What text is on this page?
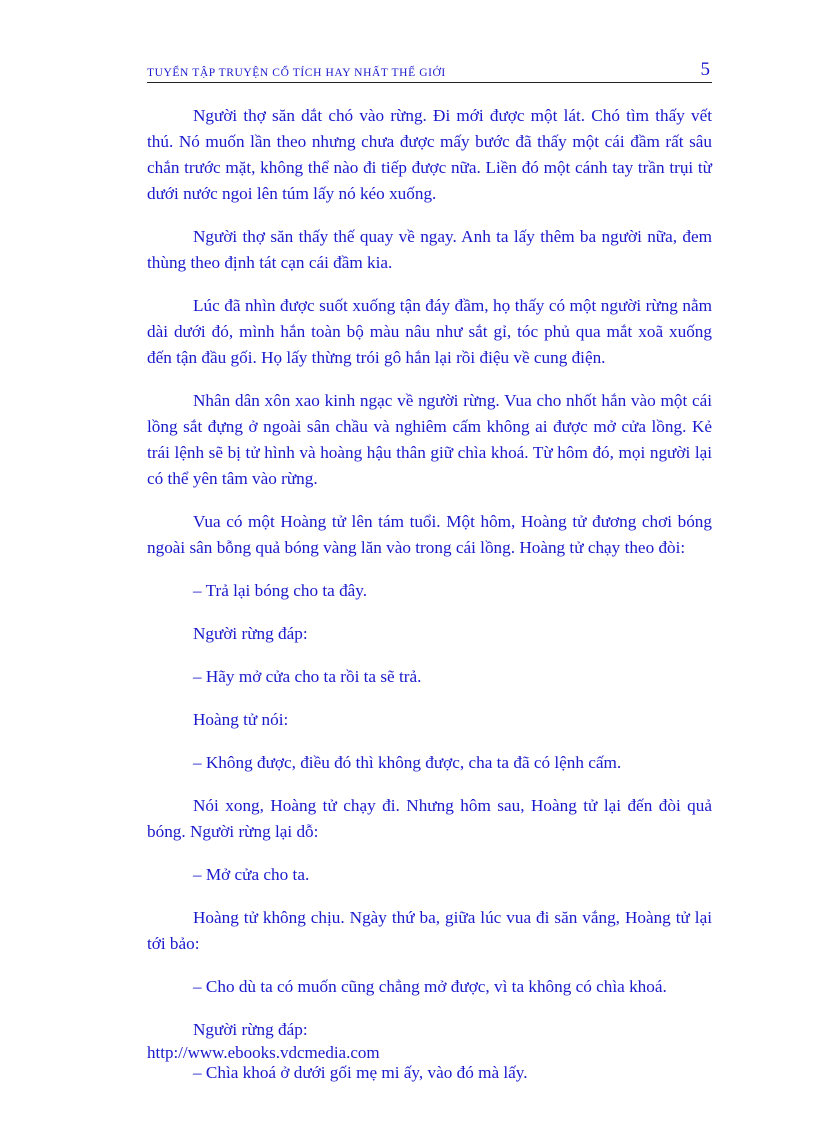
TUYỂN TẬP TRUYỆN CỔ TÍCH HAY NHẤT THẾ GIỚI	5

Người thợ săn dắt chó vào rừng. Đi mới được một lát. Chó tìm thấy vết thú. Nó muốn lần theo nhưng chưa được mấy bước đã thấy một cái đầm rất sâu chắn trước mặt, không thể nào đi tiếp được nữa. Liền đó một cánh tay trần trụi từ dưới nước ngoi lên túm lấy nó kéo xuống.

Người thợ săn thấy thế quay về ngay. Anh ta lấy thêm ba người nữa, đem thùng theo định tát cạn cái đầm kia.

Lúc đã nhìn được suốt xuống tận đáy đầm, họ thấy có một người rừng nằm dài dưới đó, mình hắn toàn bộ màu nâu như sắt gỉ, tóc phủ qua mắt xoã xuống đến tận đầu gối. Họ lấy thừng trói gô hắn lại rồi điệu về cung điện.

Nhân dân xôn xao kinh ngạc về người rừng. Vua cho nhốt hắn vào một cái lồng sắt đựng ở ngoài sân chầu và nghiêm cấm không ai được mở cửa lồng. Kẻ trái lệnh sẽ bị tử hình và hoàng hậu thân giữ chìa khoá. Từ hôm đó, mọi người lại có thể yên tâm vào rừng.

Vua có một Hoàng tử lên tám tuổi. Một hôm, Hoàng tử đương chơi bóng ngoài sân bỗng quả bóng vàng lăn vào trong cái lồng. Hoàng tử chạy theo đòi:

– Trả lại bóng cho ta đây.

Người rừng đáp:

– Hãy mở cửa cho ta rồi ta sẽ trả.

Hoàng tử nói:

– Không được, điều đó thì không được, cha ta đã có lệnh cấm.

Nói xong, Hoàng tử chạy đi. Nhưng hôm sau, Hoàng tử lại đến đòi quả bóng. Người rừng lại dỗ:

– Mở cửa cho ta.

Hoàng tử không chịu. Ngày thứ ba, giữa lúc vua đi săn vắng, Hoàng tử lại tới bảo:

– Cho dù ta có muốn cũng chẳng mở được, vì ta không có chìa khoá.

Người rừng đáp:

– Chìa khoá ở dưới gối mẹ mi ấy, vào đó mà lấy.

http://www.ebooks.vdcmedia.com
